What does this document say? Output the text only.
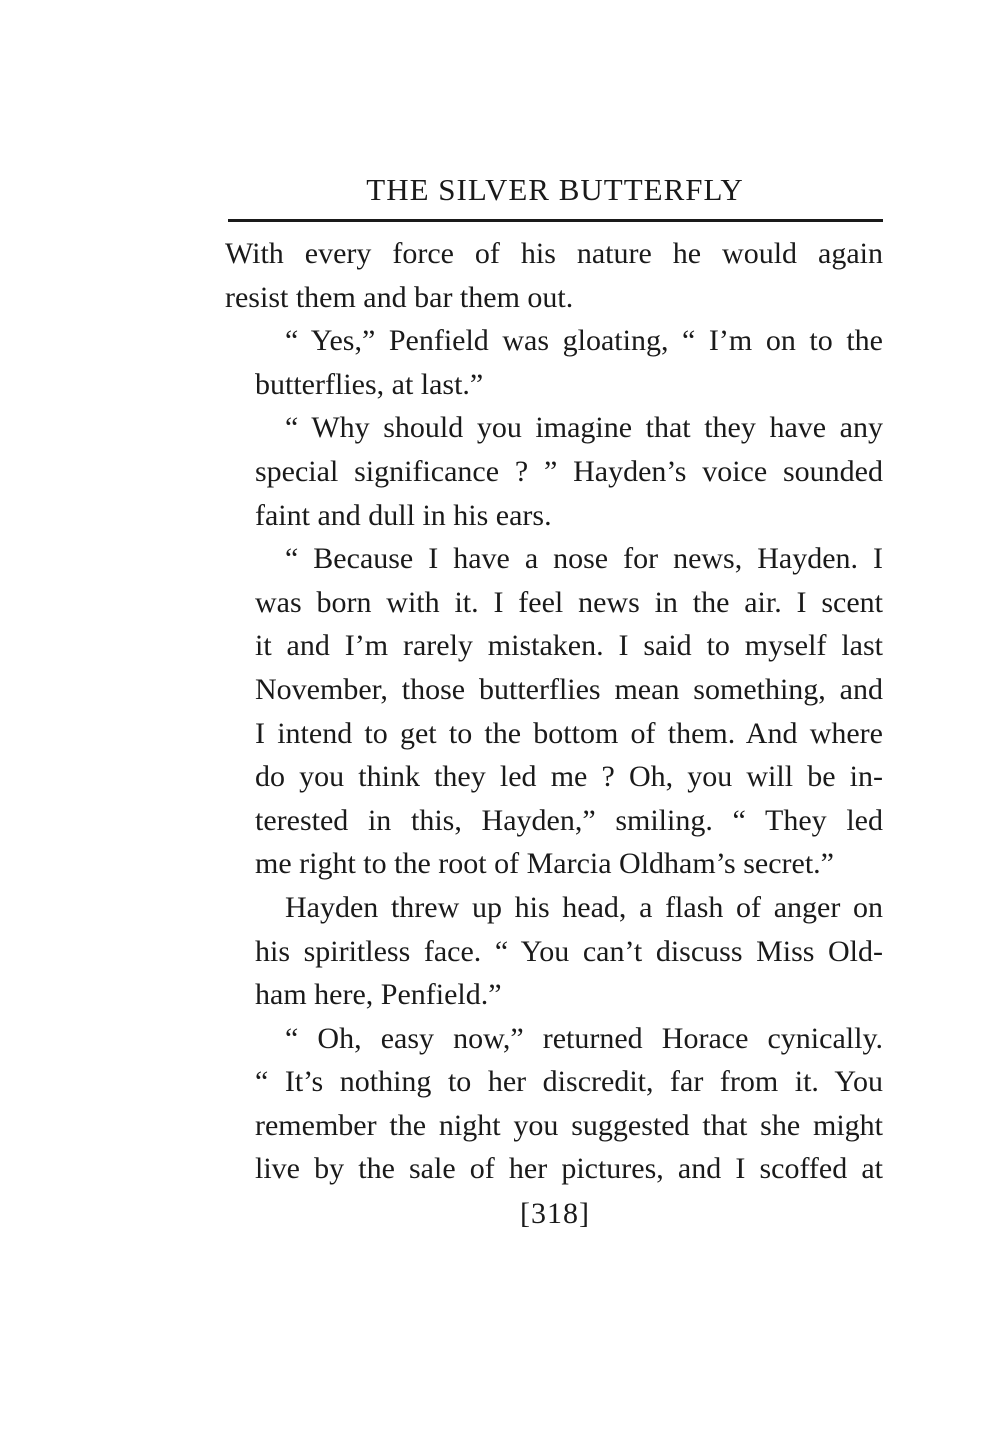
THE SILVER BUTTERFLY
With every force of his nature he would again
resist them and bar them out.
“ Yes,” Penfield was gloating, “ I’m on to the
butterflies, at last.”
“ Why should you imagine that they have any
special significance ? ” Hayden’s voice sounded
faint and dull in his ears.
“ Because I have a nose for news, Hayden. I
was born with it. I feel news in the air. I scent
it and I’m rarely mistaken. I said to myself last
November, those butterflies mean something, and
I intend to get to the bottom of them. And where
do you think they led me ? Oh, you will be in-
terested in this, Hayden,” smiling. “ They led
me right to the root of Marcia Oldham’s secret.”
Hayden threw up his head, a flash of anger on
his spiritless face. “ You can’t discuss Miss Old-
ham here, Penfield.”
“ Oh, easy now,” returned Horace cynically.
“ It’s nothing to her discredit, far from it. You
remember the night you suggested that she might
live by the sale of her pictures, and I scoffed at
[318]
